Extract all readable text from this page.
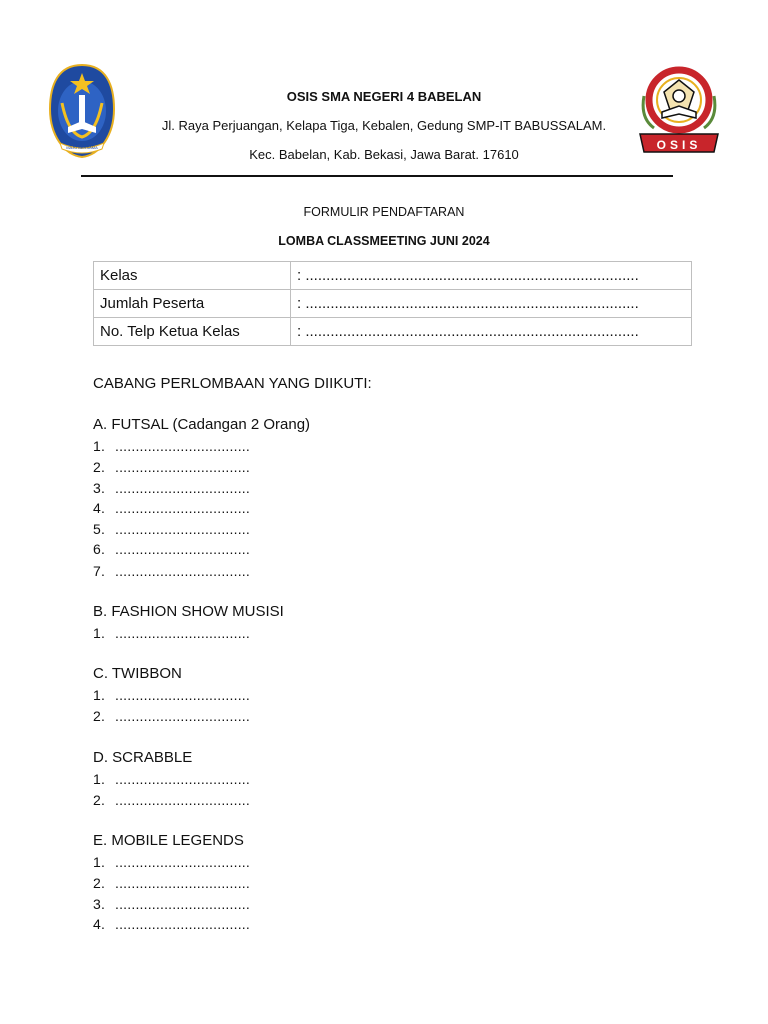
MAJU BERSAMA	OSIS
OSIS SMA NEGERI 4 BABELAN
Jl. Raya Perjuangan, Kelapa Tiga, Kebalen, Gedung SMP-IT BABUSSALAM.
Kec. Babelan, Kab. Bekasi, Jawa Barat. 17610
FORMULIR PENDAFTARAN
LOMBA CLASSMEETING JUNI 2024
Kelas	: ................................................................................
Jumlah Peserta	: ................................................................................
No. Telp Ketua Kelas	: ................................................................................
CABANG PERLOMBAAN YANG DIIKUTI:
A. FUTSAL (Cadangan 2 Orang)
1. .................................
2. .................................
3. .................................
4. .................................
5. .................................
6. .................................
7. .................................
B. FASHION SHOW MUSISI
1. .................................
C. TWIBBON
1. .................................
2. .................................
D. SCRABBLE
1. .................................
2. .................................
E. MOBILE LEGENDS
1. .................................
2. .................................
3. .................................
4. .................................
